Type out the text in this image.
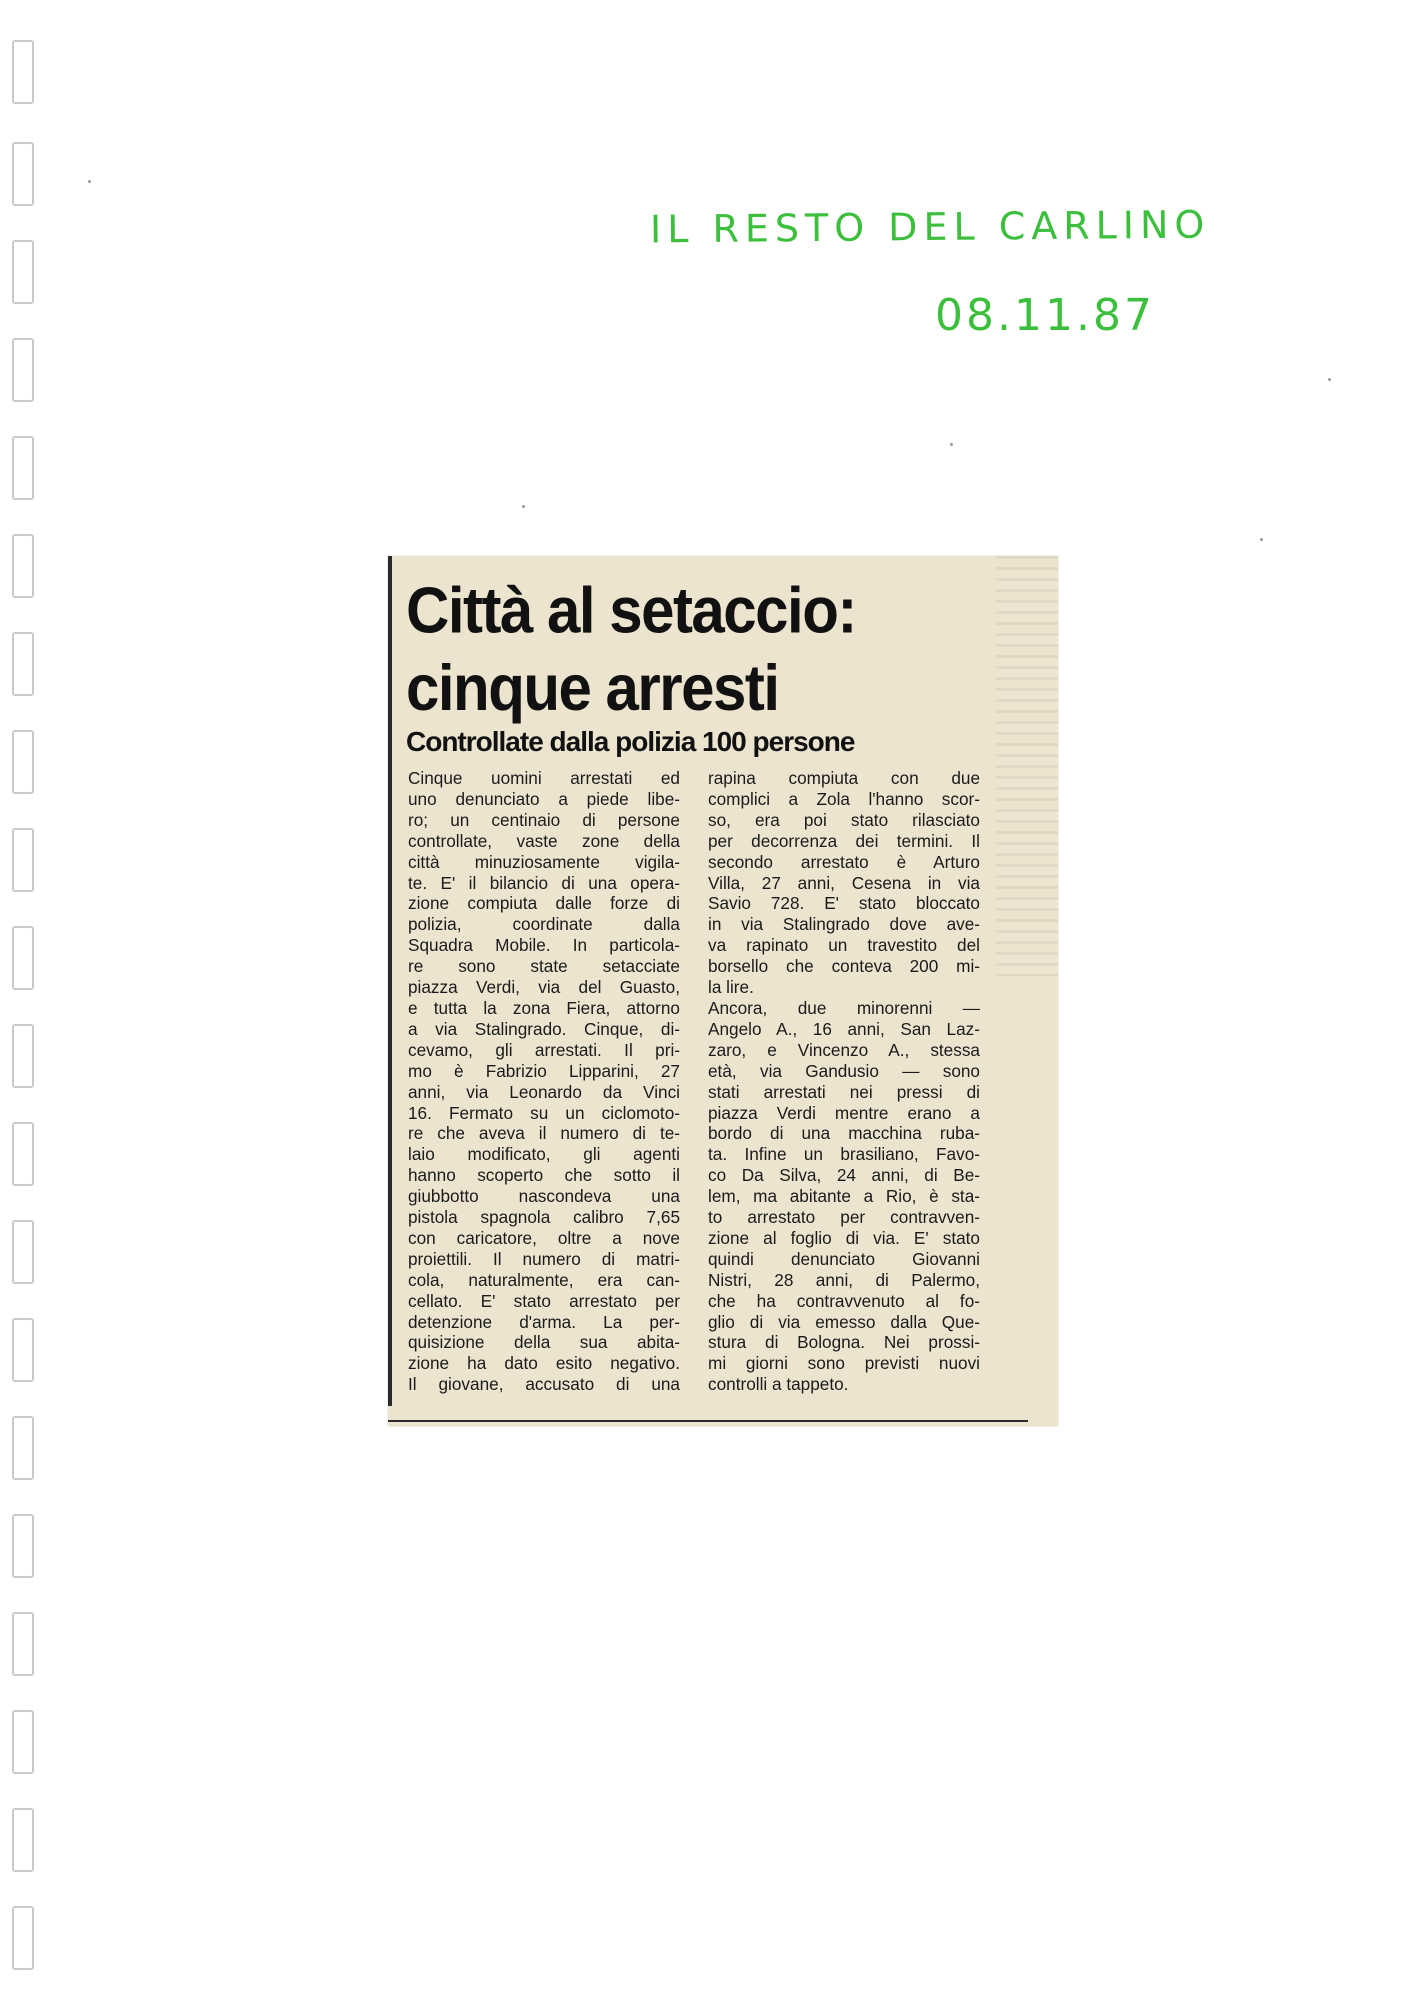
IL RESTO DEL CARLINO
08.11.87
Città al setaccio:
cinque arresti
Controllate dalla polizia 100 persone
Cinque uomini arrestati ed
uno denunciato a piede libe-
ro; un centinaio di persone
controllate, vaste zone della
città minuziosamente vigila-
te. E' il bilancio di una opera-
zione compiuta dalle forze di
polizia, coordinate dalla
Squadra Mobile. In particola-
re sono state setacciate
piazza Verdi, via del Guasto,
e tutta la zona Fiera, attorno
a via Stalingrado. Cinque, di-
cevamo, gli arrestati. Il pri-
mo è Fabrizio Lipparini, 27
anni, via Leonardo da Vinci
16. Fermato su un ciclomoto-
re che aveva il numero di te-
laio modificato, gli agenti
hanno scoperto che sotto il
giubbotto nascondeva una
pistola spagnola calibro 7,65
con caricatore, oltre a nove
proiettili. Il numero di matri-
cola, naturalmente, era can-
cellato. E' stato arrestato per
detenzione d'arma. La per-
quisizione della sua abita-
zione ha dato esito negativo.
Il giovane, accusato di una
rapina compiuta con due
complici a Zola l'hanno scor-
so, era poi stato rilasciato
per decorrenza dei termini. Il
secondo arrestato è Arturo
Villa, 27 anni, Cesena in via
Savio 728. E' stato bloccato
in via Stalingrado dove ave-
va rapinato un travestito del
borsello che conteva 200 mi-
la lire.
Ancora, due minorenni —
Angelo A., 16 anni, San Laz-
zaro, e Vincenzo A., stessa
età, via Gandusio — sono
stati arrestati nei pressi di
piazza Verdi mentre erano a
bordo di una macchina ruba-
ta. Infine un brasiliano, Favo-
co Da Silva, 24 anni, di Be-
lem, ma abitante a Rio, è sta-
to arrestato per contravven-
zione al foglio di via. E' stato
quindi denunciato Giovanni
Nistri, 28 anni, di Palermo,
che ha contravvenuto al fo-
glio di via emesso dalla Que-
stura di Bologna. Nei prossi-
mi giorni sono previsti nuovi
controlli a tappeto.
